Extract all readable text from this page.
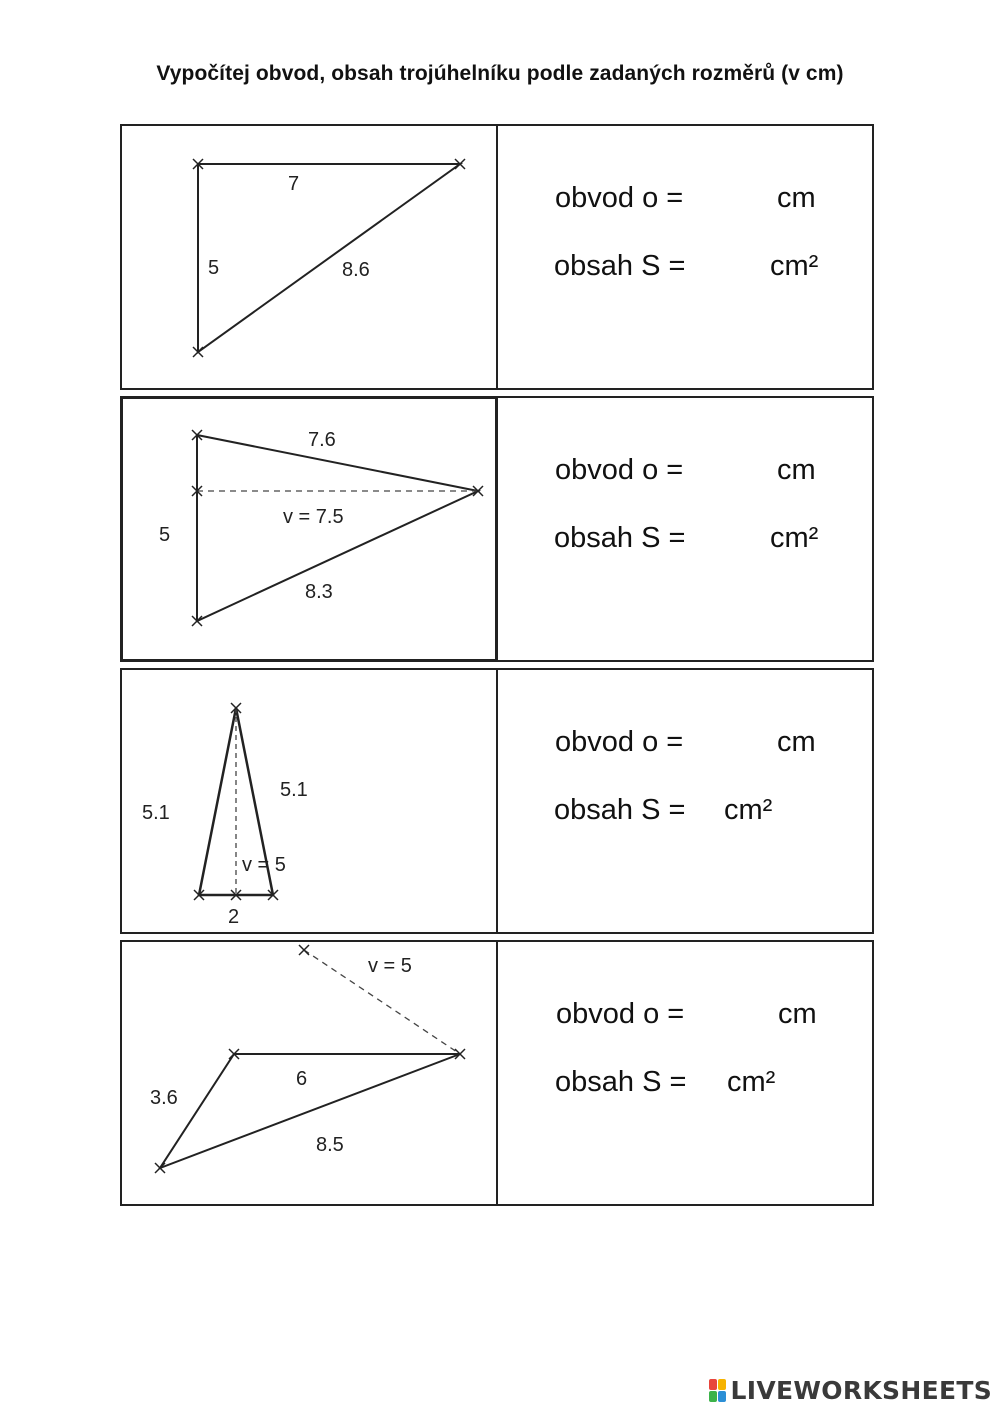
Vypočítej obvod, obsah trojúhelníku podle zadaných rozměrů (v cm)
7
5	8.6
obvod o =	cm
obsah S =	cm²
7.6
v = 7.5
5
8.3
obvod o =	cm
obsah S =	cm²
5.1
5.1
v = 5
2
obvod o =	cm
obsah S = cm²
v = 5
3.6
6
8.5
obvod o =	cm
obsah S = cm²
LIVEWORKSHEETS
